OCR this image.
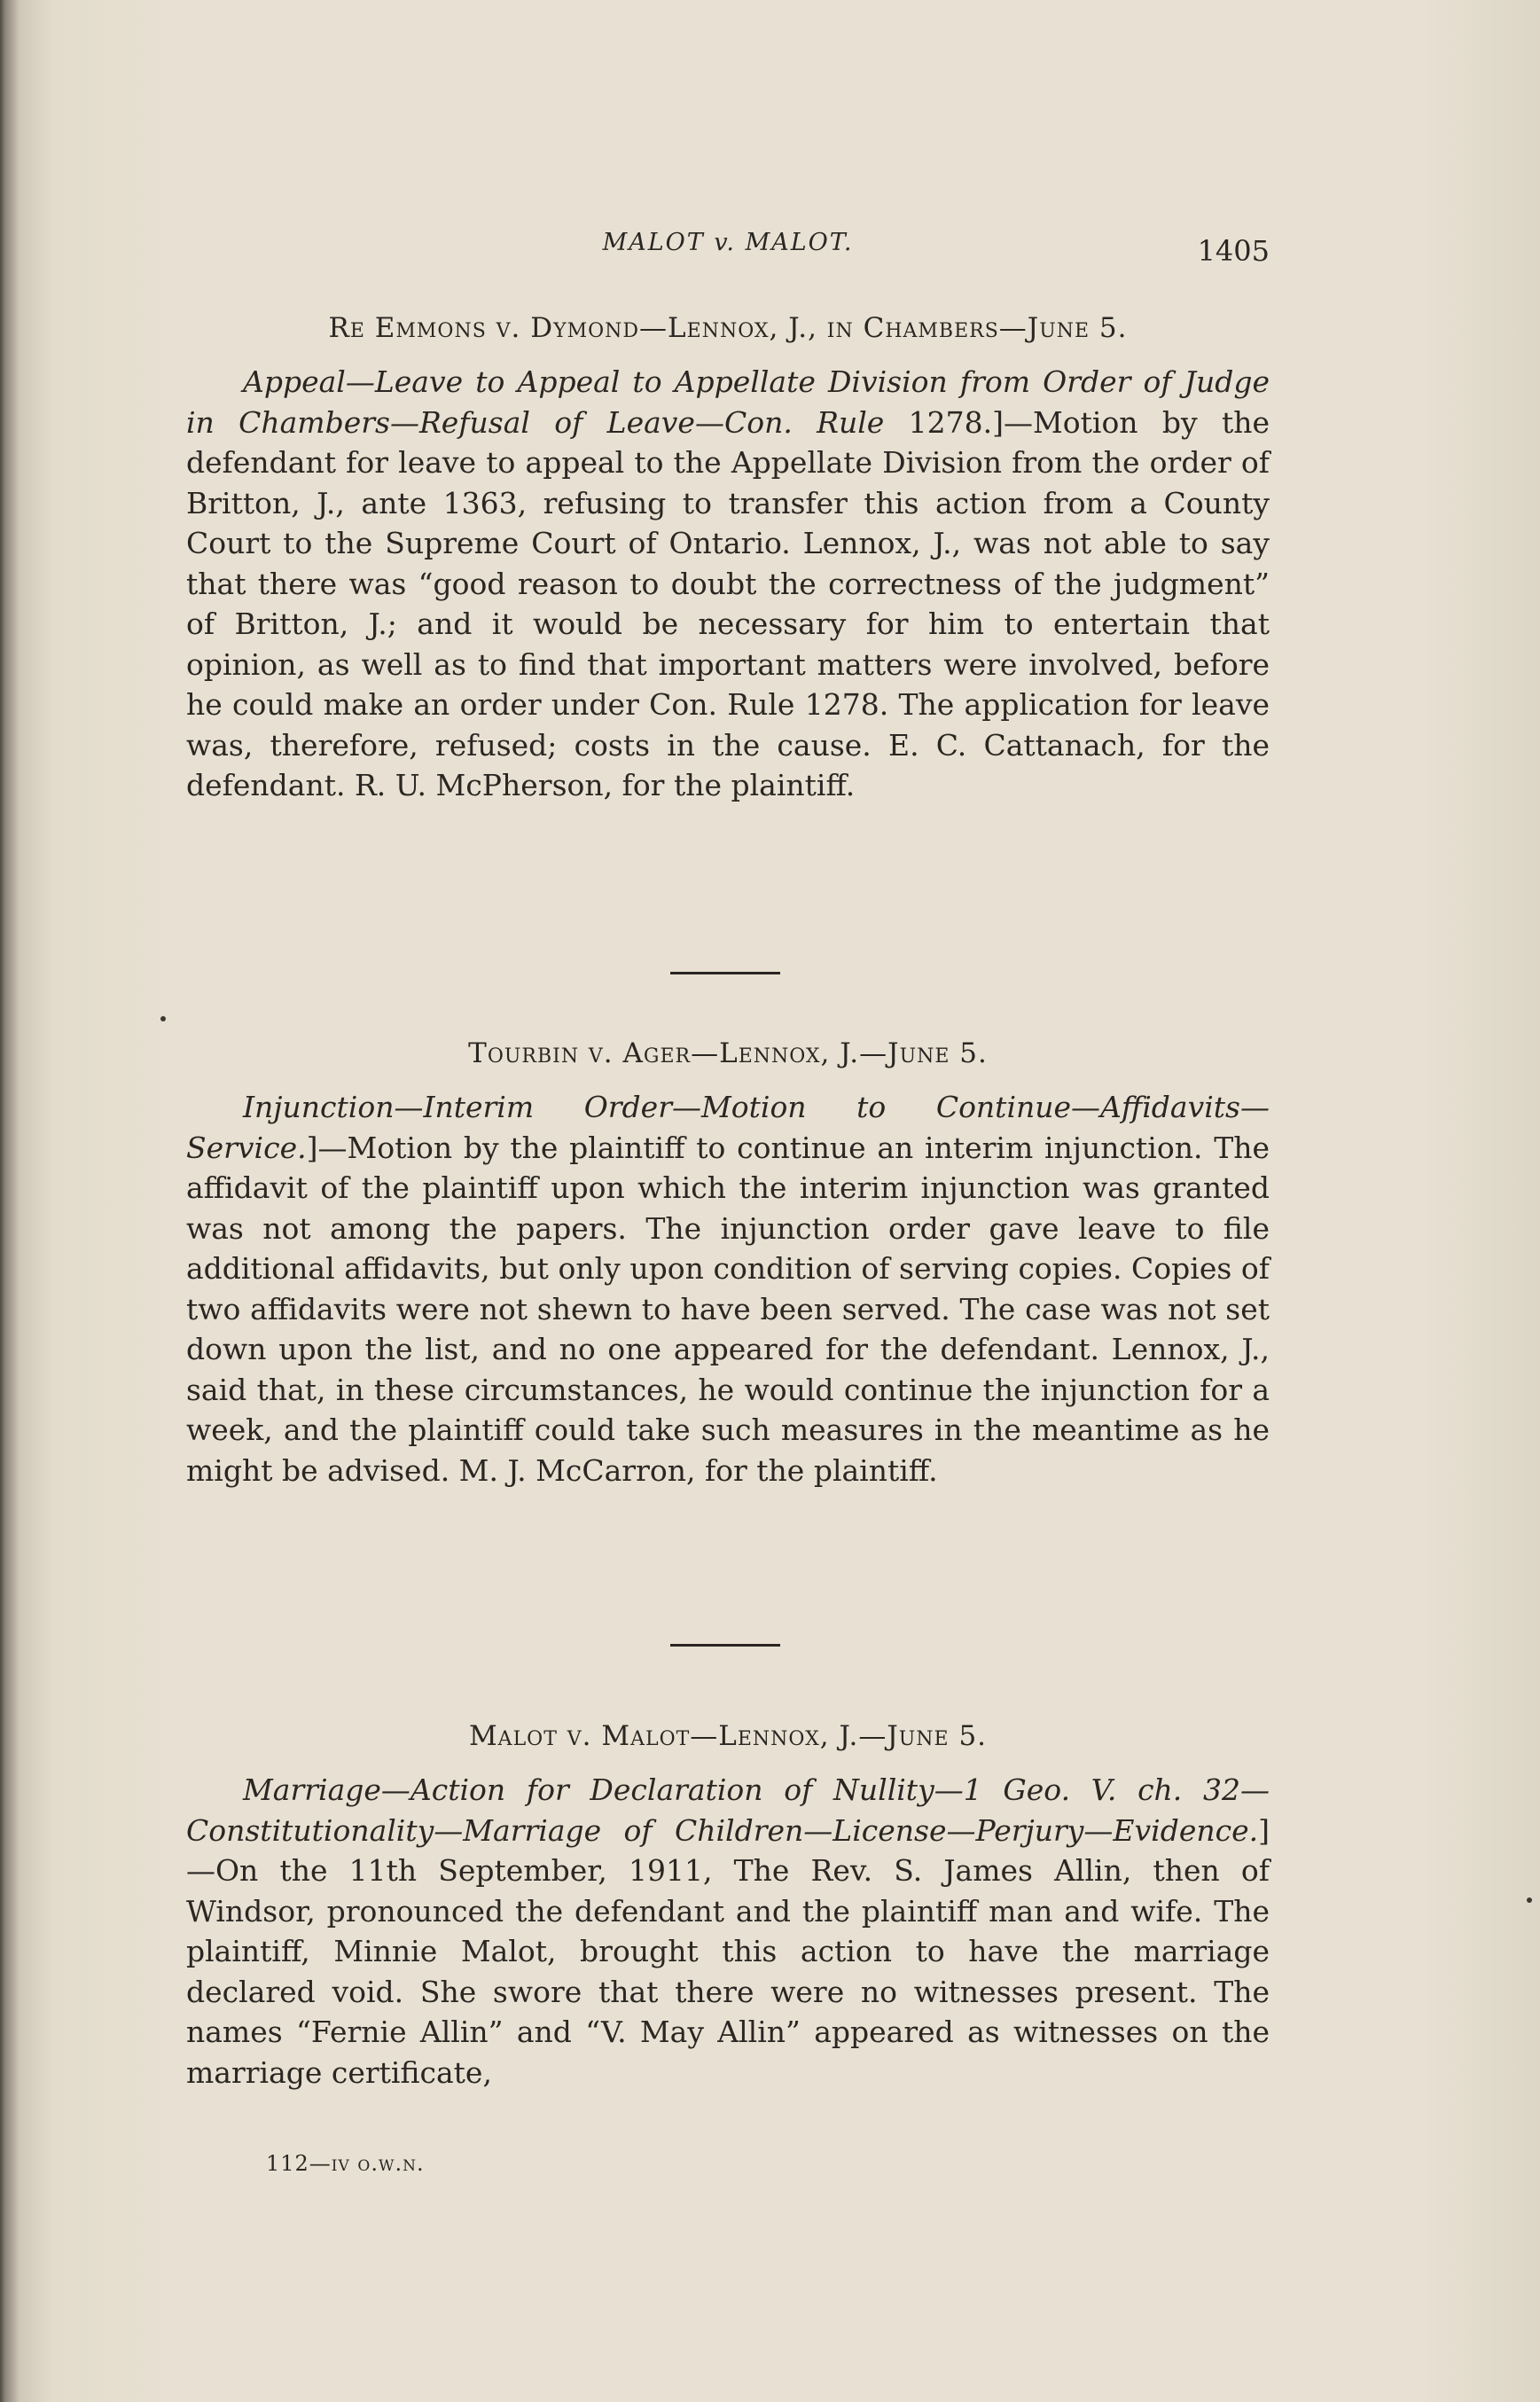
MALOT v. MALOT.	1405
Re Emmons v. Dymond—Lennox, J., in Chambers—June 5.

Appeal—Leave to Appeal to Appellate Division from Order of Judge in Chambers—Refusal of Leave—Con. Rule 1278.]—Motion by the defendant for leave to appeal to the Appellate Division from the order of Britton, J., ante 1363, refusing to transfer this action from a County Court to the Supreme Court of Ontario. Lennox, J., was not able to say that there was “good reason to doubt the correctness of the judgment” of Britton, J.; and it would be necessary for him to entertain that opinion, as well as to find that important matters were involved, before he could make an order under Con. Rule 1278. The application for leave was, therefore, refused; costs in the cause. E. C. Cattanach, for the defendant. R. U. McPherson, for the plaintiff.

Tourbin v. Ager—Lennox, J.—June 5.

Injunction—Interim Order—Motion to Continue—Affidavits—Service.]—Motion by the plaintiff to continue an interim injunction. The affidavit of the plaintiff upon which the interim injunction was granted was not among the papers. The injunction order gave leave to file additional affidavits, but only upon condition of serving copies. Copies of two affidavits were not shewn to have been served. The case was not set down upon the list, and no one appeared for the defendant. Lennox, J., said that, in these circumstances, he would continue the injunction for a week, and the plaintiff could take such measures in the meantime as he might be advised. M. J. McCarron, for the plaintiff.

Malot v. Malot—Lennox, J.—June 5.

Marriage—Action for Declaration of Nullity—1 Geo. V. ch. 32—Constitutionality—Marriage of Children—License—Perjury—Evidence.]—On the 11th September, 1911, The Rev. S. James Allin, then of Windsor, pronounced the defendant and the plaintiff man and wife. The plaintiff, Minnie Malot, brought this action to have the marriage declared void. She swore that there were no witnesses present. The names “Fernie Allin” and “V. May Allin” appeared as witnesses on the marriage certificate,

112—iv o.w.n.
